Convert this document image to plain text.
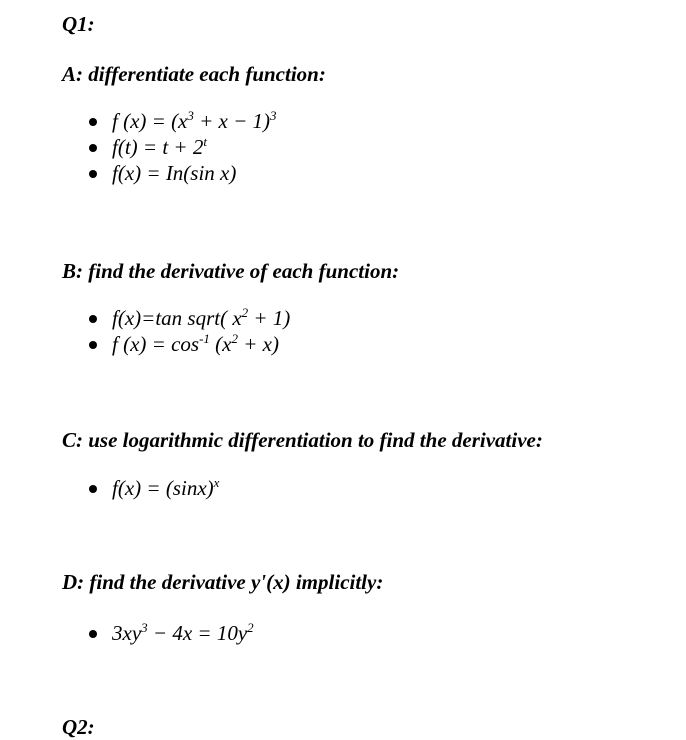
Q1:
A: differentiate each function:
f $(x) = (x^3 + x - 1)^3$
$f(t) = t + 2^t$
f(x) = In(sin x)
B: find the derivative of each function:
f(x)=tan sqrt( $x^2 + 1$)
f $(x) = \cos^{-1} (x^2 + x)$
C: use logarithmic differentiation to find the derivative:
$f(x) = (\sin x)^x$
D: find the derivative y'(x) implicitly:
$3xy^3 - 4x = 10y^2$
Q2:
